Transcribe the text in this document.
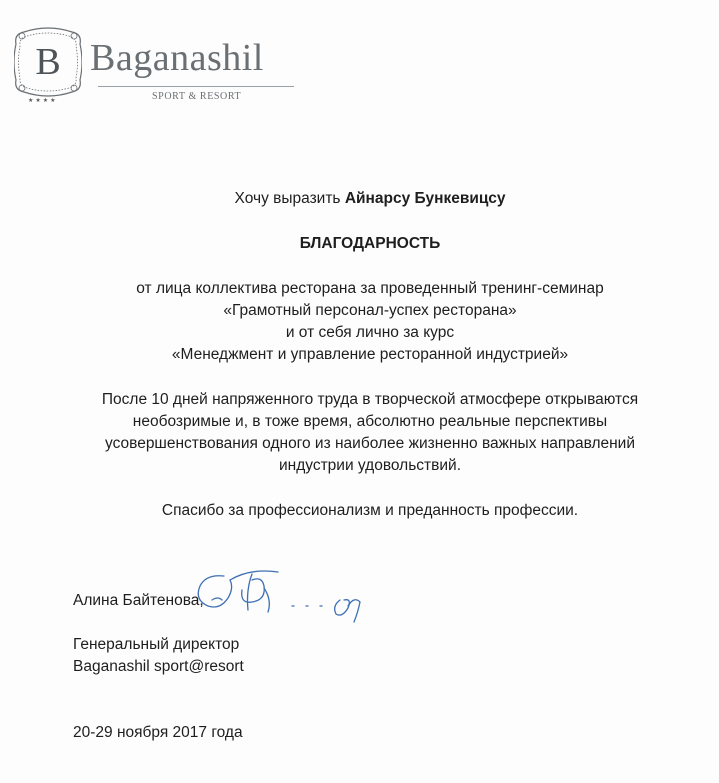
B
★★★★
Baganashil
SPORT & RESORT
Хочу выразить Айнарсу Бункевицсу
БЛАГОДАРНОСТЬ
от лица коллектива ресторана за проведенный тренинг-семинар
«Грамотный персонал-успех ресторана»
и от себя лично за курс
«Менеджмент и управление ресторанной индустрией»
После 10 дней напряженного труда в творческой атмосфере открываются
необозримые и, в тоже время, абсолютно реальные перспективы
усовершенствования одного из наиболее жизненно важных направлений
индустрии удовольствий.
Спасибо за профессионализм и преданность профессии.
Алина Байтенова,
Генеральный директор
Baganashil sport@resort
20-29 ноября 2017 года
